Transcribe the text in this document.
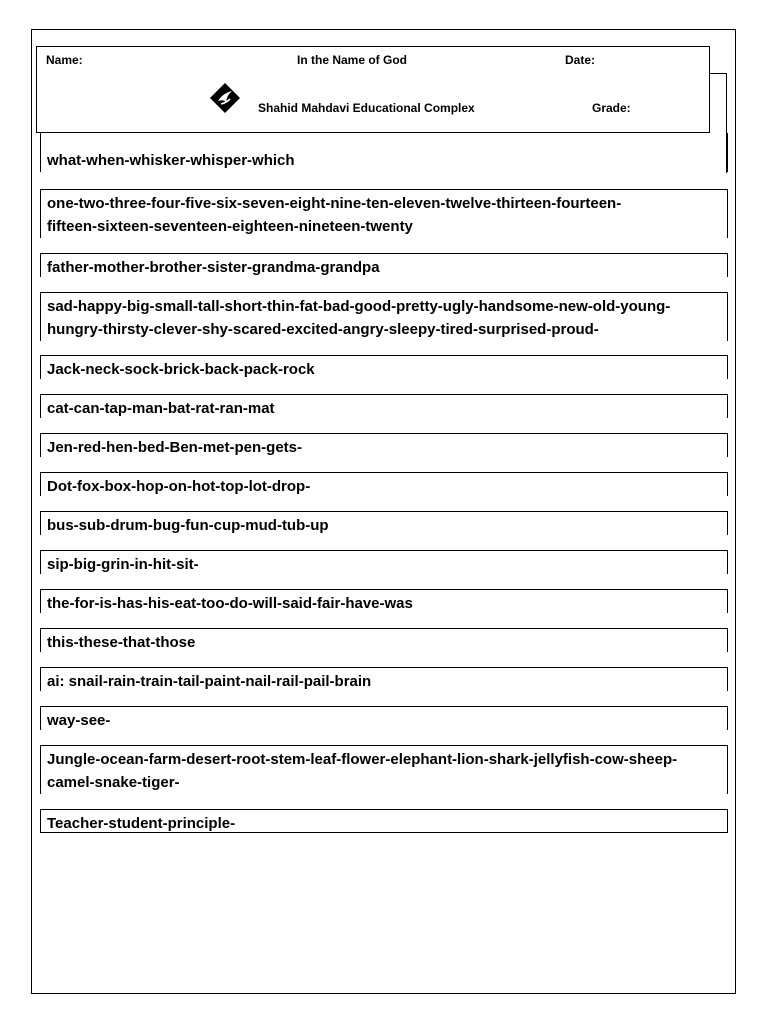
Name:	In the Name of God	Date:
Shahid Mahdavi Educational Complex	Grade:
what-when-whisker-whisper-which
one-two-three-four-five-six-seven-eight-nine-ten-eleven-twelve-thirteen-fourteen-
fifteen-sixteen-seventeen-eighteen-nineteen-twenty
father-mother-brother-sister-grandma-grandpa
sad-happy-big-small-tall-short-thin-fat-bad-good-pretty-ugly-handsome-new-old-young-
hungry-thirsty-clever-shy-scared-excited-angry-sleepy-tired-surprised-proud-
Jack-neck-sock-brick-back-pack-rock
cat-can-tap-man-bat-rat-ran-mat
Jen-red-hen-bed-Ben-met-pen-gets-
Dot-fox-box-hop-on-hot-top-lot-drop-
bus-sub-drum-bug-fun-cup-mud-tub-up
sip-big-grin-in-hit-sit-
the-for-is-has-his-eat-too-do-will-said-fair-have-was
this-these-that-those
ai: snail-rain-train-tail-paint-nail-rail-pail-brain
way-see-
Jungle-ocean-farm-desert-root-stem-leaf-flower-elephant-lion-shark-jellyfish-cow-sheep-
camel-snake-tiger-
Teacher-student-principle-
